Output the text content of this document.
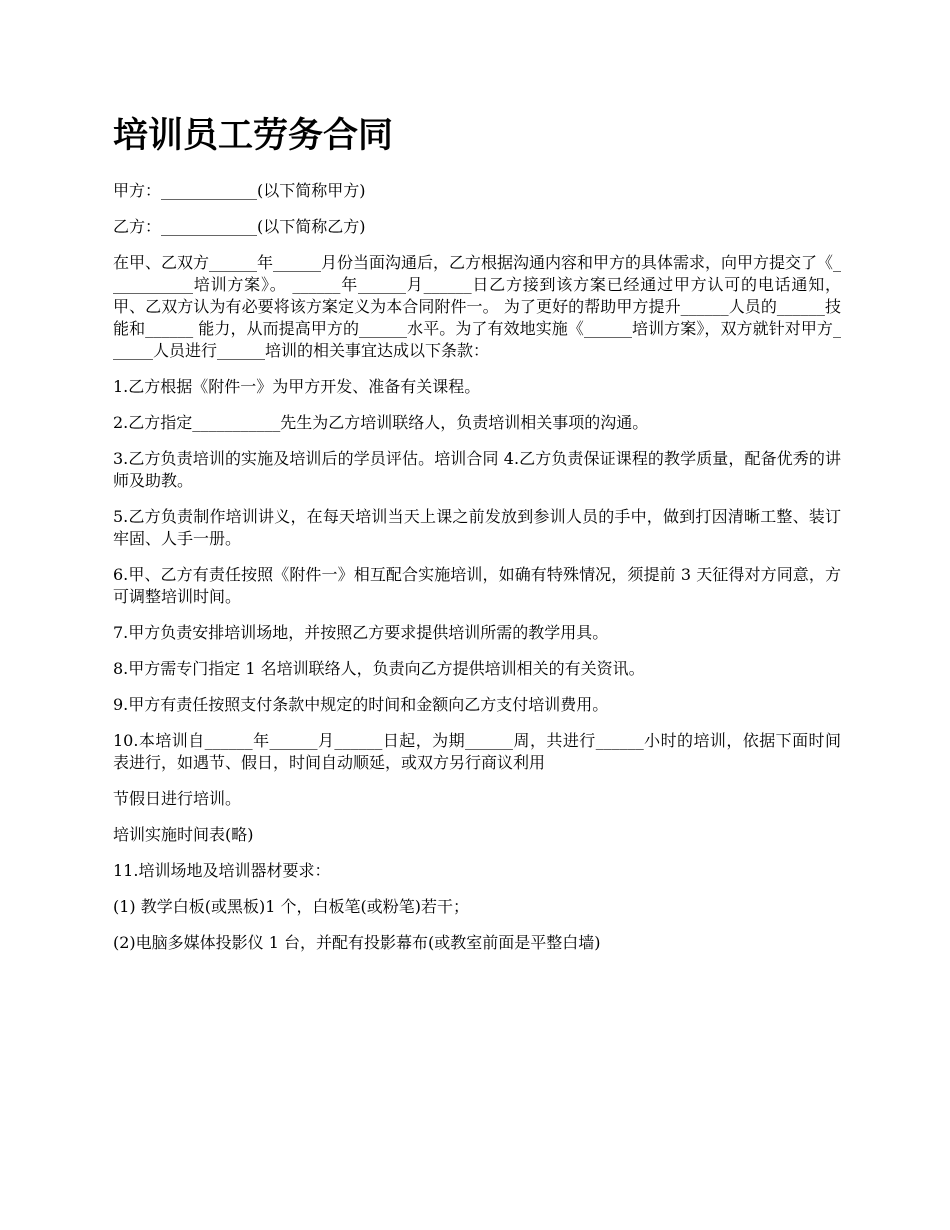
培训员工劳务合同

甲方：____________(以下简称甲方)

乙方：____________(以下简称乙方)

在甲、乙双方______年______月份当面沟通后，乙方根据沟通内容和甲方的具体需求，向甲方提交了《___________培训方案》。 ______年______月______日乙方接到该方案已经通过甲方认可的电话通知，甲、乙双方认为有必要将该方案定义为本合同附件一。 为了更好的帮助甲方提升______人员的______技能和______ 能力，从而提高甲方的______水平。为了有效地实施《______培训方案》，双方就针对甲方______人员进行______培训的相关事宜达成以下条款：

1.乙方根据《附件一》为甲方开发、准备有关课程。

2.乙方指定___________先生为乙方培训联络人，负责培训相关事项的沟通。

3.乙方负责培训的实施及培训后的学员评估。培训合同 4.乙方负责保证课程的教学质量，配备优秀的讲师及助教。

5.乙方负责制作培训讲义，在每天培训当天上课之前发放到参训人员的手中，做到打因清晰工整、装订牢固、人手一册。

6.甲、乙方有责任按照《附件一》相互配合实施培训，如确有特殊情况，须提前 3 天征得对方同意，方可调整培训时间。

7.甲方负责安排培训场地，并按照乙方要求提供培训所需的教学用具。

8.甲方需专门指定 1 名培训联络人，负责向乙方提供培训相关的有关资讯。

9.甲方有责任按照支付条款中规定的时间和金额向乙方支付培训费用。

10.本培训自______年______月______日起，为期______周，共进行______小时的培训，依据下面时间表进行，如遇节、假日，时间自动顺延，或双方另行商议利用

节假日进行培训。

培训实施时间表(略)

11.培训场地及培训器材要求：

(1) 教学白板(或黑板)1 个，白板笔(或粉笔)若干；

(2)电脑多媒体投影仪 1 台，并配有投影幕布(或教室前面是平整白墙)
